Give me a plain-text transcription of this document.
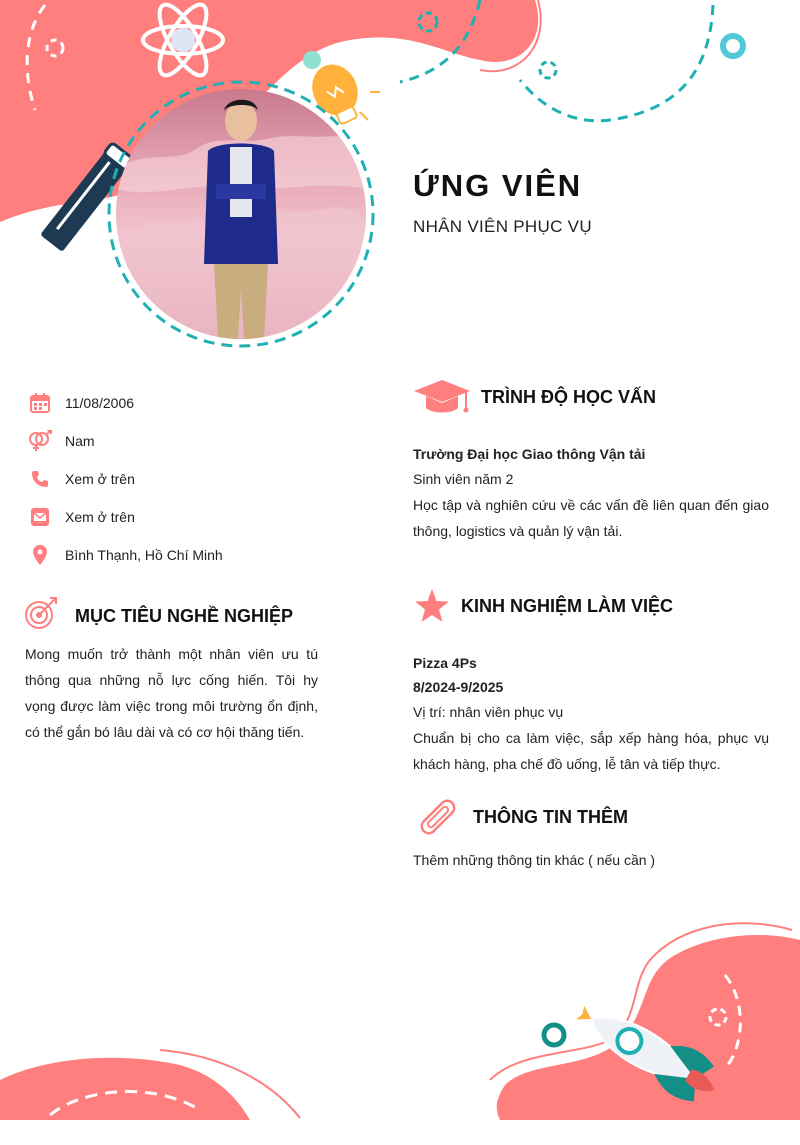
ỨNG VIÊN
NHÂN VIÊN PHỤC VỤ
11/08/2006
Nam
Xem ở trên
Xem ở trên
Bình Thạnh, Hồ Chí Minh
MỤC TIÊU NGHỀ NGHIỆP
Mong muốn trở thành một nhân viên ưu tú thông qua những nỗ lực cống hiến. Tôi hy vọng được làm việc trong môi trường ổn định, có thể gắn bó lâu dài và có cơ hội thăng tiến.
TRÌNH ĐỘ HỌC VẤN
Trường Đại học Giao thông Vận tải
Sinh viên năm 2
Học tập và nghiên cứu về các vấn đề liên quan đến giao thông, logistics và quản lý vận tải.
KINH NGHIỆM LÀM VIỆC
Pizza 4Ps
8/2024-9/2025
Vị trí: nhân viên phục vụ
Chuẩn bị cho ca làm việc, sắp xếp hàng hóa, phục vụ khách hàng, pha chế đồ uống, lễ tân và tiếp thực.
THÔNG TIN THÊM
Thêm những thông tin khác ( nếu cần )
